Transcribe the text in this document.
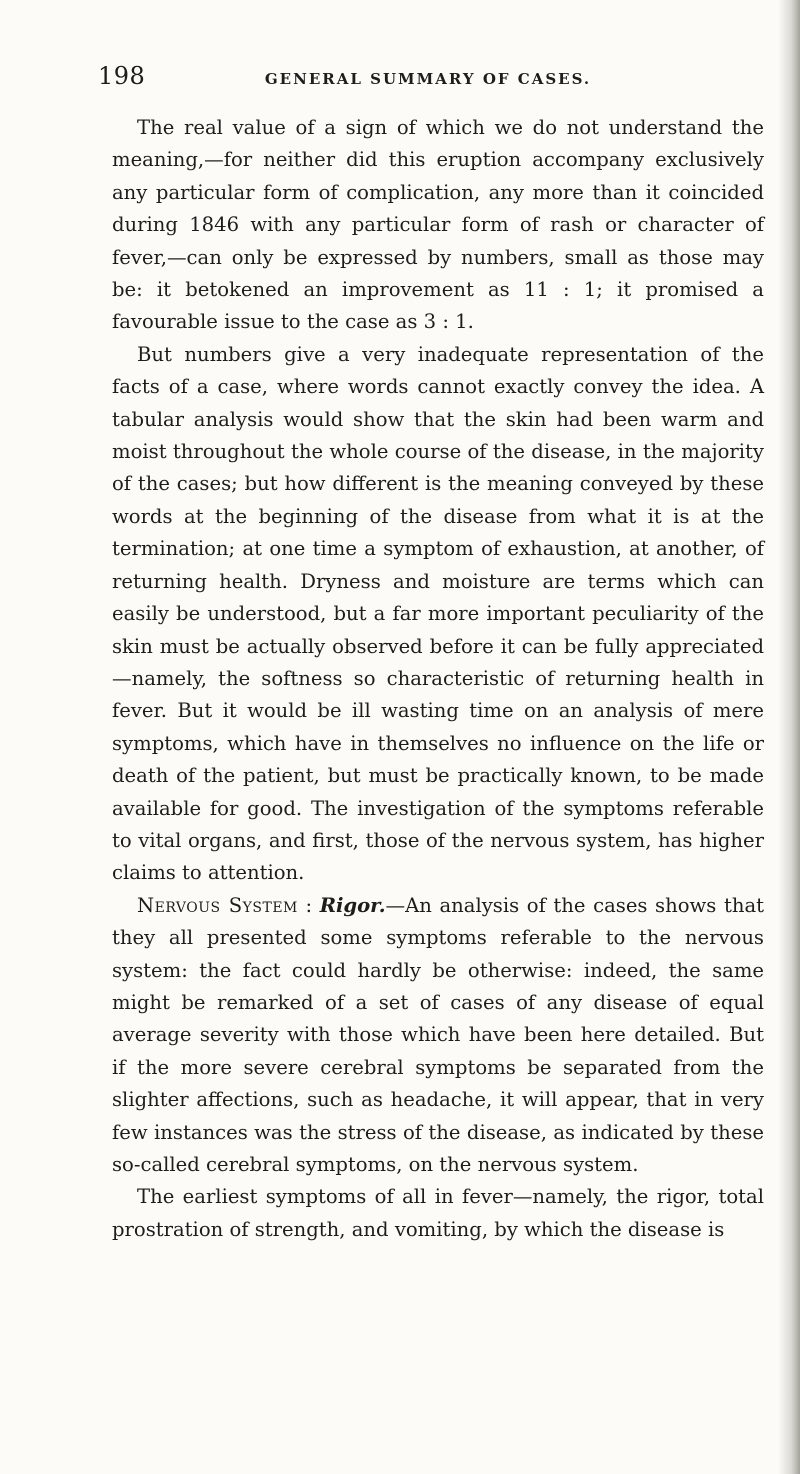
198	GENERAL SUMMARY OF CASES.

The real value of a sign of which we do not understand the meaning,—for neither did this eruption accompany exclusively any particular form of complication, any more than it coincided during 1846 with any particular form of rash or character of fever,—can only be expressed by numbers, small as those may be: it betokened an improvement as 11 : 1; it promised a favourable issue to the case as 3 : 1.

But numbers give a very inadequate representation of the facts of a case, where words cannot exactly convey the idea. A tabular analysis would show that the skin had been warm and moist throughout the whole course of the disease, in the majority of the cases; but how different is the meaning conveyed by these words at the beginning of the disease from what it is at the termination; at one time a symptom of exhaustion, at another, of returning health. Dryness and moisture are terms which can easily be understood, but a far more important peculiarity of the skin must be actually observed before it can be fully appreciated—namely, the softness so characteristic of returning health in fever. But it would be ill wasting time on an analysis of mere symptoms, which have in themselves no influence on the life or death of the patient, but must be practically known, to be made available for good. The investigation of the symptoms referable to vital organs, and first, those of the nervous system, has higher claims to attention.

Nervous System : Rigor.—An analysis of the cases shows that they all presented some symptoms referable to the nervous system: the fact could hardly be otherwise: indeed, the same might be remarked of a set of cases of any disease of equal average severity with those which have been here detailed. But if the more severe cerebral symptoms be separated from the slighter affections, such as headache, it will appear, that in very few instances was the stress of the disease, as indicated by these so-called cerebral symptoms, on the nervous system.

The earliest symptoms of all in fever—namely, the rigor, total prostration of strength, and vomiting, by which the disease is
